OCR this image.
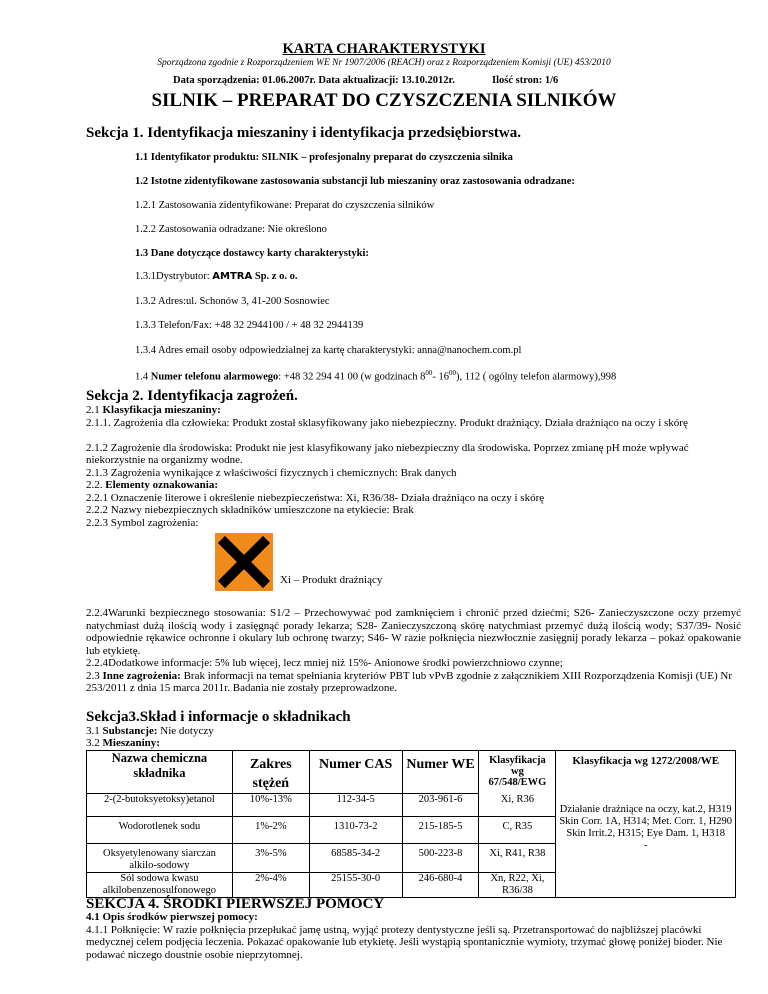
KARTA CHARAKTERYSTYKI
Sporządzona zgodnie z Rozporządzeniem WE Nr 1907/2006 (REACH) oraz z Rozporządzeniem Komisji (UE) 453/2010
Data sporządzenia: 01.06.2007r. Data aktualizacji: 13.10.2012r.	Ilość stron: 1/6
SILNIK – PREPARAT DO CZYSZCZENIA SILNIKÓW
Sekcja 1. Identyfikacja mieszaniny i identyfikacja przedsiębiorstwa.
1.1 Identyfikator produktu: SILNIK – profesjonalny preparat do czyszczenia silnika
1.2 Istotne zidentyfikowane zastosowania substancji lub mieszaniny oraz zastosowania odradzane:
1.2.1 Zastosowania zidentyfikowane: Preparat do czyszczenia silników
1.2.2 Zastosowania odradzane: Nie określono
1.3 Dane dotyczące dostawcy karty charakterystyki:
1.3.1Dystrybutor: AMTRA Sp. z o. o.
1.3.2 Adres:ul. Schonów 3, 41-200 Sosnowiec
1.3.3 Telefon/Fax: +48 32 2944100 / + 48 32 2944139
1.3.4 Adres email osoby odpowiedzialnej za kartę charakterystyki: anna@nanochem.com.pl
1.4 Numer telefonu alarmowego: +48 32 294 41 00 (w godzinach $8^{00}-$ $16^{00}$), 112 ( ogólny telefon alarmowy),998
Sekcja 2. Identyfikacja zagrożeń.
2.1 Klasyfikacja mieszaniny:
2.1.1. Zagrożenia dla człowieka: Produkt został sklasyfikowany jako niebezpieczny. Produkt drażniący. Działa drażniąco na oczy i skórę
2.1.2 Zagrożenie dla środowiska: Produkt nie jest klasyfikowany jako niebezpieczny dla środowiska. Poprzez zmianę pH może wpływać niekorzystnie na organizmy wodne.
2.1.3 Zagrożenia wynikające z właściwości fizycznych i chemicznych: Brak danych
2.2. Elementy oznakowania:
2.2.1 Oznaczenie literowe i określenie niebezpieczeństwa: Xi, R36/38- Działa drażniąco na oczy i skórę
2.2.2 Nazwy niebezpiecznych składników umieszczone na etykiecie: Brak
2.2.3 Symbol zagrożenia:
Xi – Produkt drażniący
2.2.4Warunki bezpiecznego stosowania: S1/2 – Przechowywać pod zamknięciem i chronić przed dziećmi; S26- Zanieczyszczone oczy przemyć natychmiast dużą ilością wody i zasięgnąć porady lekarza; S28- Zanieczyszczoną skórę natychmiast przemyć dużą ilością wody; S37/39- Nosić odpowiednie rękawice ochronne i okulary lub ochronę twarzy; S46- W razie połknięcia niezwłocznie zasięgnij porady lekarza – pokaż opakowanie lub etykietę.
2.2.4Dodatkowe informacje: 5% lub więcej, lecz mniej niż 15%- Anionowe środki powierzchniowo czynne;
2.3 Inne zagrożenia: Brak informacji na temat spełniania kryteriów PBT lub vPvB zgodnie z załącznikiem XIII Rozporządzenia Komisji (UE) Nr 253/2011 z dnia 15 marca 2011r. Badania nie zostały przeprowadzone.
Sekcja3.Skład i informacje o składnikach
3.1 Substancje: Nie dotyczy
3.2 Mieszaniny:
Nazwa chemiczna składnika	Zakres stężeń	Numer CAS	Numer WE	Klasyfikacja wg 67/548/EWG	Klasyfikacja wg 1272/2008/WE
2-(2-butoksyetoksy)etanol	10%-13%	112-34-5	203-961-6	Xi, R36	Działanie drażniące na oczy, kat.2, H319
Skin Corr. 1A, H314; Met. Corr. 1, H290
Skin Irrit.2, H315; Eye Dam. 1, H318
-

Wodorotlenek sodu	1%-2%	1310-73-2	215-185-5	C, R35	
Oksyetylenowany siarczan alkilo-sodowy	3%-5%	68585-34-2	500-223-8	Xi, R41, R38	
Sól sodowa kwasu alkilobenzenosulfonowego	2%-4%	25155-30-0	246-680-4	Xn, R22, Xi, R36/38	
SEKCJA 4. ŚRODKI PIERWSZEJ POMOCY
4.1 Opis środków pierwszej pomocy:
4.1.1 Połknięcie: W razie połknięcia przepłukać jamę ustną, wyjąć protezy dentystyczne jeśli są. Przetransportować do najbliższej placówki medycznej celem podjęcia leczenia. Pokazać opakowanie lub etykietę. Jeśli wystąpią spontanicznie wymioty, trzymać głowę poniżej bioder. Nie podawać niczego doustnie osobie nieprzytomnej.
